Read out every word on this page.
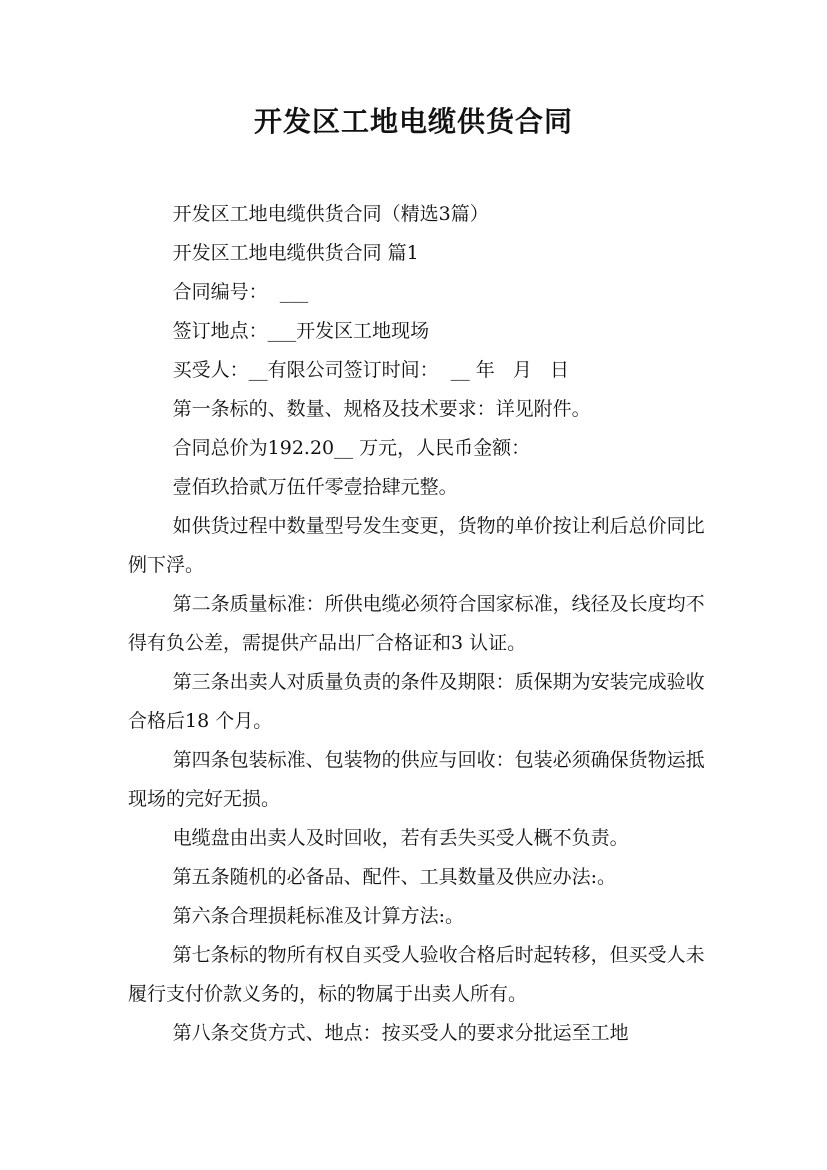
开发区工地电缆供货合同

开发区工地电缆供货合同（精选3篇）

开发区工地电缆供货合同 篇1

合同编号：  ___

签订地点：___开发区工地现场

买受人：__有限公司签订时间：  __ 年   月   日

第一条标的、数量、规格及技术要求：详见附件。

合同总价为192.20__ 万元，人民币金额：

壹佰玖拾贰万伍仟零壹拾肆元整。

如供货过程中数量型号发生变更，货物的单价按让利后总价同比例下浮。

第二条质量标准：所供电缆必须符合国家标准，线径及长度均不得有负公差，需提供产品出厂合格证和3 认证。

第三条出卖人对质量负责的条件及期限：质保期为安装完成验收合格后18 个月。

第四条包装标准、包装物的供应与回收：包装必须确保货物运抵现场的完好无损。

电缆盘由出卖人及时回收，若有丢失买受人概不负责。

第五条随机的必备品、配件、工具数量及供应办法:。

第六条合理损耗标准及计算方法:。

第七条标的物所有权自买受人验收合格后时起转移，但买受人未履行支付价款义务的，标的物属于出卖人所有。

第八条交货方式、地点：按买受人的要求分批运至工地
